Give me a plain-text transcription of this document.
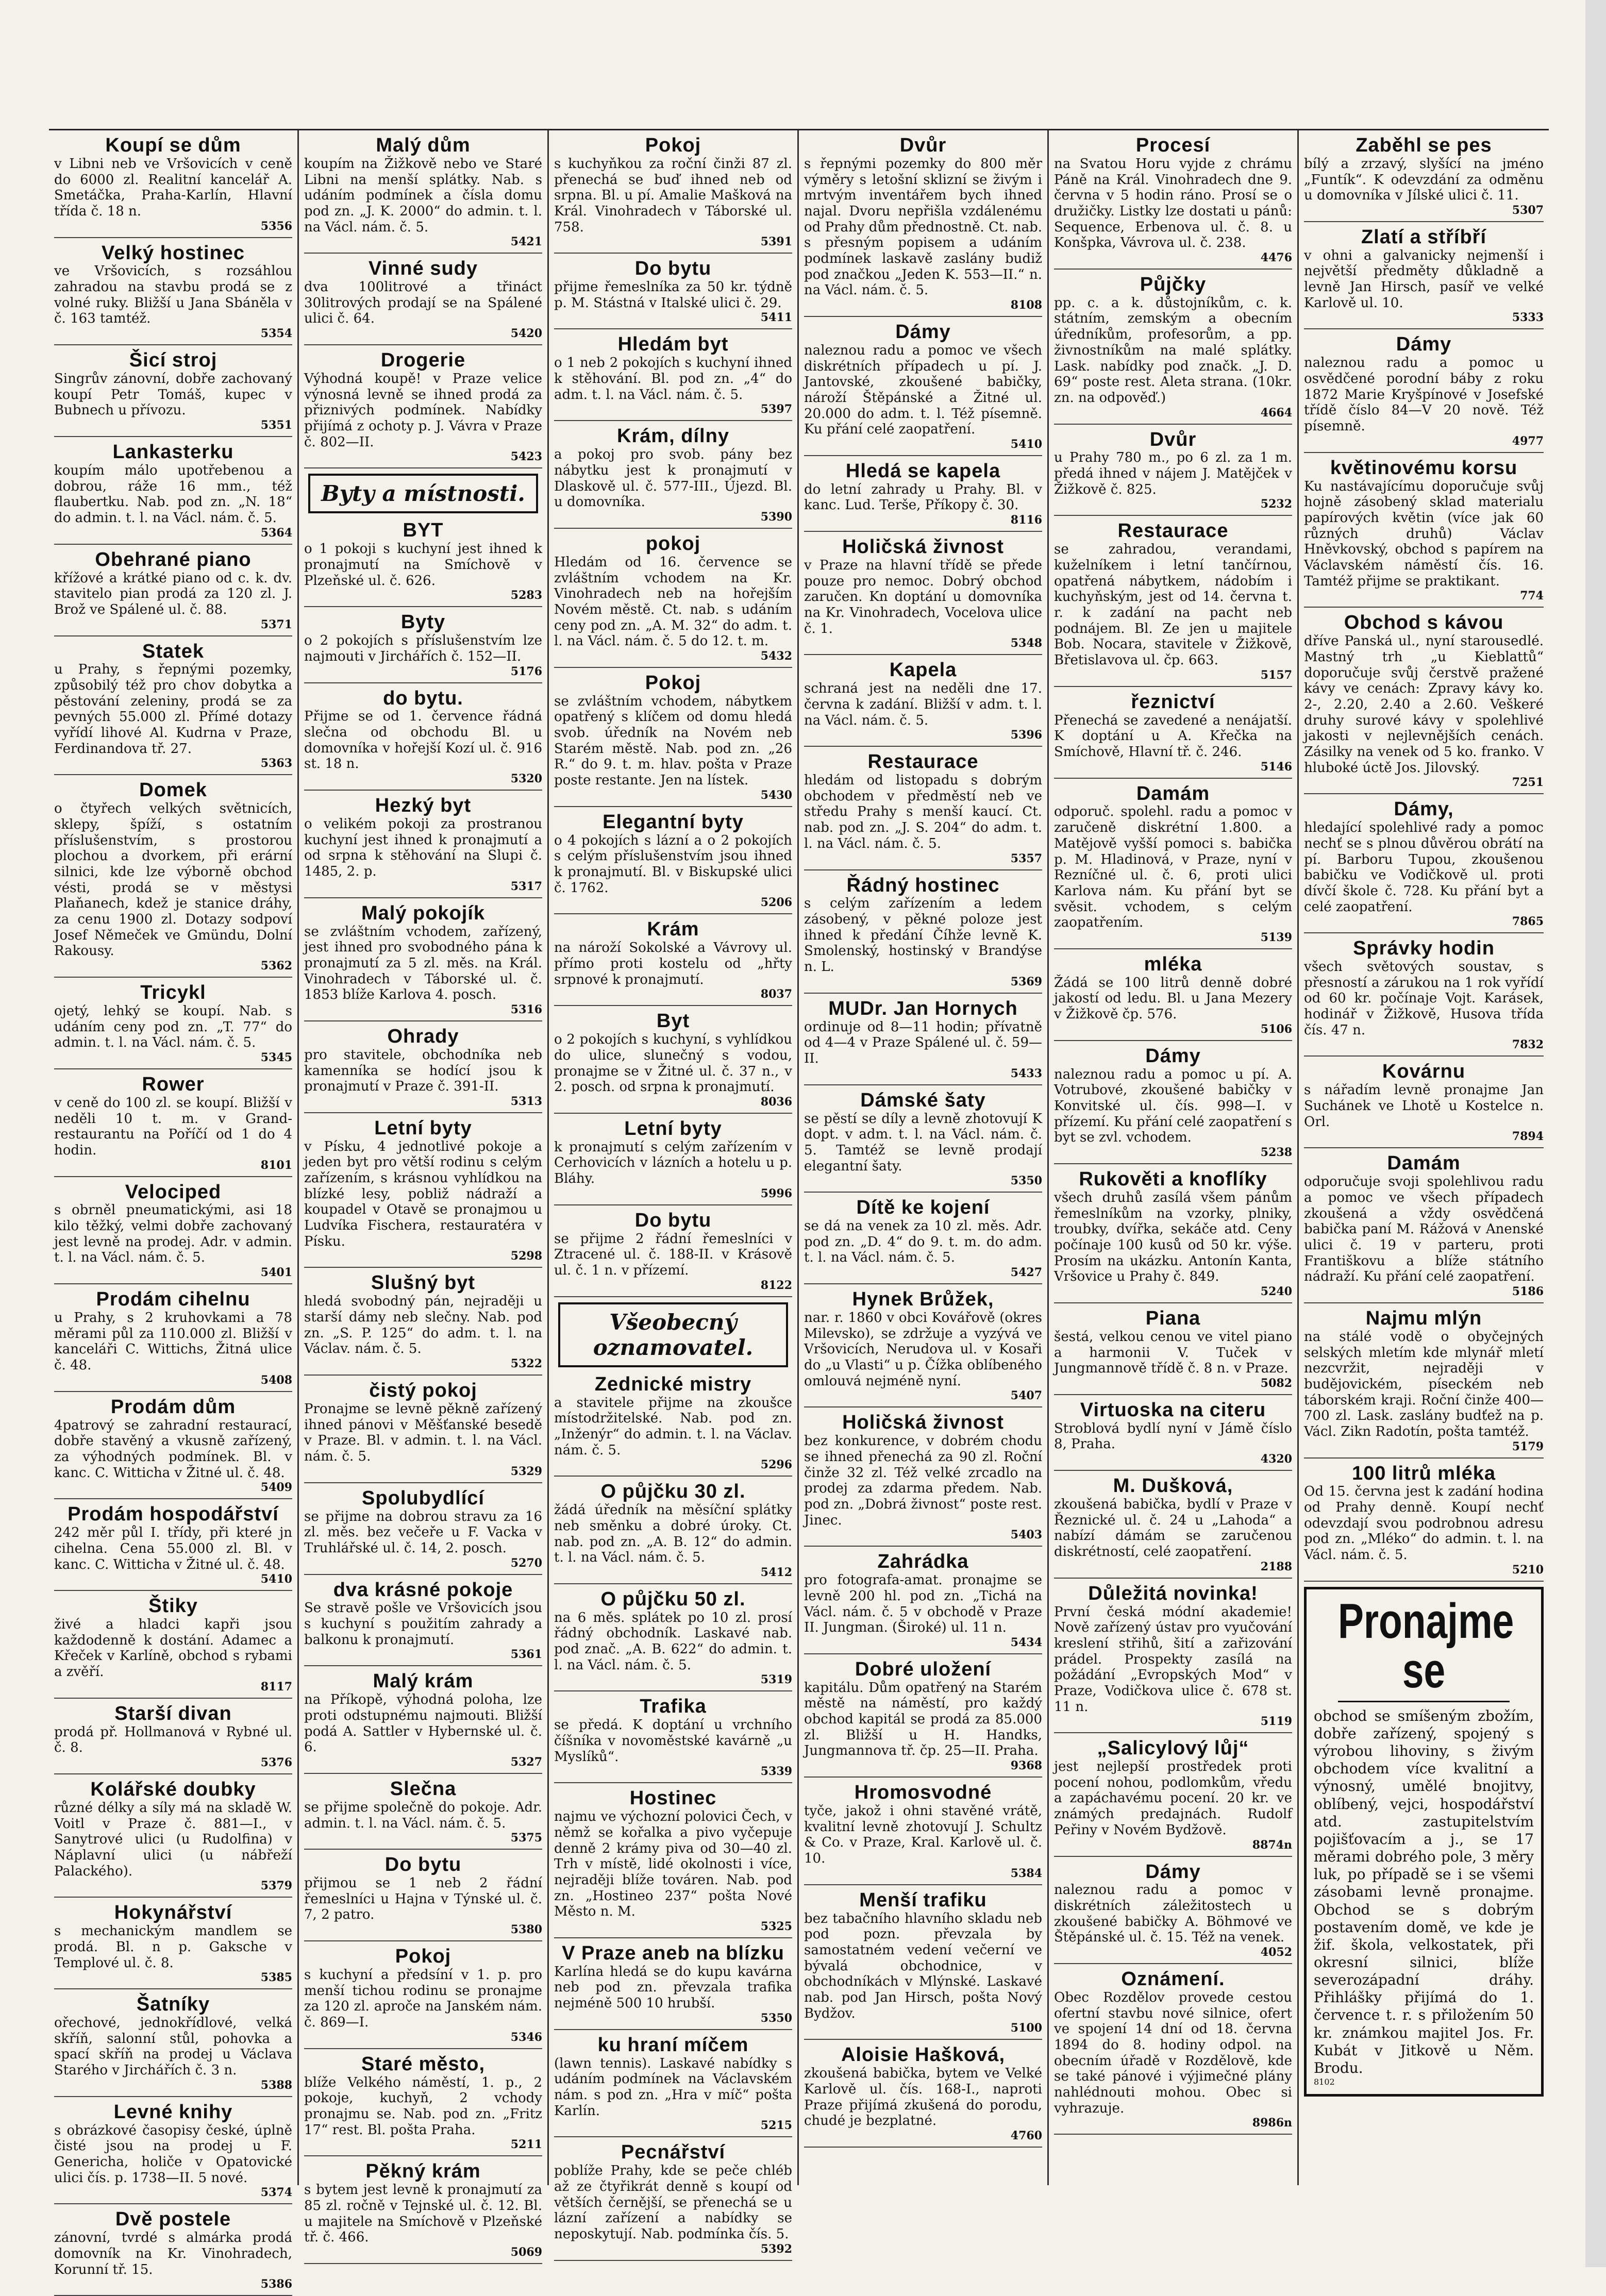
Koupí se dům

v Libni neb ve Vršovicích v ceně do 6000 zl. Realitní kancelář A. Smetáčka, Praha-Karlín, Hlavní třída č. 18 n.

5356
Velký hostinec

ve Vršovicích, s rozsáhlou zahradou na stavbu prodá se z volné ruky. Bližší u Jana Sbáněla v č. 163 tamtéž.

5354
Šicí stroj

Singrův zánovní, dobře zachovaný koupí Petr Tomáš, kupec v Bubnech u přívozu.

5351
Lankasterku

koupím málo upotřebenou a dobrou, ráže 16 mm., též flaubertku. Nab. pod zn. „N. 18“ do admin. t. l. na Václ. nám. č. 5.

5364
Obehrané piano

křížové a krátké piano od c. k. dv. stavitelo pian prodá za 120 zl. J. Brož ve Spálené ul. č. 88.

5371
Statek

u Prahy, s řepnými pozemky, způsobilý též pro chov dobytka a pěstování zeleniny, prodá se za pevných 55.000 zl. Přímé dotazy vyřídí lihové Al. Kudrna v Praze, Ferdinandova tř. 27.

5363
Domek

o čtyřech velkých světnicích, sklepy, špíží, s ostatním příslušenstvím, s prostorou plochou a dvorkem, při erární silnici, kde lze výborně obchod vésti, prodá se v městysi Plaňanech, kdež je stanice dráhy, za cenu 1900 zl. Dotazy sodpoví Josef Němeček ve Gmündu, Dolní Rakousy.

5362
Tricykl

ojetý, lehký se koupí. Nab. s udáním ceny pod zn. „T. 77“ do admin. t. l. na Václ. nám. č. 5.

5345
Rower

v ceně do 100 zl. se koupí. Bližší v neděli 10 t. m. v Grand-restaurantu na Poříčí od 1 do 4 hodin.

8101
Velociped

s obrněl pneumatickými, asi 18 kilo těžký, velmi dobře zachovaný jest levně na prodej. Adr. v admin. t. l. na Václ. nám. č. 5.

5401
Prodám cihelnu

u Prahy, s 2 kruhovkami a 78 měrami půl za 110.000 zl. Bližší v kanceláři C. Wittichs, Žitná ulice č. 48.

5408
Prodám dům

4patrový se zahradní restaurací, dobře stavěný a vkusně zařízený, za výhodných podmínek. Bl. v kanc. C. Witticha v Žitné ul. č. 48.

5409
Prodám hospodářství

242 měr půl I. třídy, při které jn cihelna. Cena 55.000 zl. Bl. v kanc. C. Witticha v Žitné ul. č. 48.

5410
Štiky

živé a hladci kapři jsou každodenně k dostání. Adamec a Křeček v Karlíně, obchod s rybami a zvěří.

8117
Starší divan

prodá př. Hollmanová v Rybné ul. č. 8.

5376
Kolářské doubky

různé délky a síly má na skladě W. Voitl v Praze č. 881—I., v Sanytrové ulici (u Rudolfina) v Náplavní ulici (u nábřeží Palackého).

5379
Hokynářství

s mechanickým mandlem se prodá. Bl. n p. Gaksche v Templové ul. č. 8.

5385
Šatníky

ořechové, jednokřídlové, velká skříň, salonní stůl, pohovka a spací skříň na prodej u Václava Starého v Jirchářích č. 3 n.

5388
Levné knihy

s obrázkové časopisy české, úplně čisté jsou na prodej u F. Genericha, holiče v Opatovické ulici čís. p. 1738—II. 5 nové.

5374
Dvě postele

zánovní, tvrdé s almárka prodá domovník na Kr. Vinohradech, Korunní tř. 15.

5386
Malý dům

koupím na Žižkově nebo ve Staré Libni na menší splátky. Nab. s udáním podmínek a čísla domu pod zn. „J. K. 2000“ do admin. t. l. na Václ. nám. č. 5.

5421
Vinné sudy

dva 100litrové a třináct 30litrových prodají se na Spálené ulici č. 64.

5420
Drogerie

Výhodná koupě! v Praze velice výnosná levně se ihned prodá za přiznivých podmínek. Nabídky přijímá z ochoty p. J. Vávra v Praze č. 802—II.

5423
Byty a místnosti.
BYT

o 1 pokoji s kuchyní jest ihned k pronajmutí na Smíchově v Plzeňské ul. č. 626.

5283
Byty

o 2 pokojích s příslušenstvím lze najmouti v Jirchářích č. 152—II.

5176
do bytu.

Přijme se od 1. července řádná slečna od obchodu Bl. u domovníka v hořejší Kozí ul. č. 916 st. 18 n.

5320
Hezký byt

o velikém pokoji za prostranou kuchyní jest ihned k pronajmutí a od srpna k stěhování na Slupi č. 1485, 2. p.

5317
Malý pokojík

se zvláštním vchodem, zařízený, jest ihned pro svobodného pána k pronajmutí za 5 zl. měs. na Král. Vinohradech v Táborské ul. č. 1853 blíže Karlova 4. posch.

5316
Ohrady

pro stavitele, obchodníka neb kamenníka se hodící jsou k pronajmutí v Praze č. 391-II.

5313
Letní byty

v Písku, 4 jednotlivé pokoje a jeden byt pro větší rodinu s celým zařízením, s krásnou vyhlídkou na blízké lesy, pobliž nádraží a koupadel v Otavě se pronajmou u Ludvíka Fischera, restauratéra v Písku.

5298
Slušný byt

hledá svobodný pán, nejraději u starší dámy neb slečny. Nab. pod zn. „S. P. 125“ do adm. t. l. na Václav. nám. č. 5.

5322
čistý pokoj

Pronajme se levně pěkně zařízený ihned pánovi v Měšťanské besedě v Praze. Bl. v admin. t. l. na Václ. nám. č. 5.

5329
Spolubydlící

se přijme na dobrou stravu za 16 zl. měs. bez večeře u F. Vacka v Truhlářské ul. č. 14, 2. posch.

5270
dva krásné pokoje

Se stravě pošle ve Vršovicích jsou s kuchyní s použitím zahrady a balkonu k pronajmutí.

5361
Malý krám

na Příkopě, výhodná poloha, lze proti odstupnému najmouti. Bližší podá A. Sattler v Hybernské ul. č. 6.

5327
Slečna

se přijme společně do pokoje. Adr. admin. t. l. na Václ. nám. č. 5.

5375
Do bytu

přijmou se 1 neb 2 řádní řemeslníci u Hajna v Týnské ul. č. 7, 2 patro.

5380
Pokoj

s kuchyní a předsíní v 1. p. pro menší tichou rodinu se pronajme za 120 zl. aproče na Janském nám. č. 869—I.

5346
Staré město,

blíže Velkého náměstí, 1. p., 2 pokoje, kuchyň, 2 vchody pronajmu se. Nab. pod zn. „Fritz 17“ rest. Bl. pošta Praha.

5211
Pěkný krám

s bytem jest levně k pronajmutí za 85 zl. ročně v Tejnské ul. č. 12. Bl. u majitele na Smíchově v Plzeňské tř. č. 466.

5069
Pokoj

s kuchyňkou za roční činži 87 zl. přenechá se buď ihned neb od srpna. Bl. u pí. Amalie Mašková na Král. Vinohradech v Táborské ul. 758.

5391
Do bytu

přijme řemeslníka za 50 kr. týdně p. M. Stástná v Italské ulici č. 29.

5411
Hledám byt

o 1 neb 2 pokojích s kuchyní ihned k stěhování. Bl. pod zn. „4“ do adm. t. l. na Václ. nám. č. 5.

5397
Krám, dílny

a pokoj pro svob. pány bez nábytku jest k pronajmutí v Dlaskově ul. č. 577-III., Újezd. Bl. u domovníka.

5390
pokoj

Hledám od 16. července se zvláštním vchodem na Kr. Vinohradech neb na hořejším Novém městě. Ct. nab. s udáním ceny pod zn. „A. M. 32“ do adm. t. l. na Václ. nám. č. 5 do 12. t. m.

5432
Pokoj

se zvláštním vchodem, nábytkem opatřený s klíčem od domu hledá svob. úředník na Novém neb Starém městě. Nab. pod zn. „26 R.“ do 9. t. m. hlav. pošta v Praze poste restante. Jen na lístek.

5430
Elegantní byty

o 4 pokojích s lázní a o 2 pokojích s celým příslušenstvím jsou ihned k pronajmutí. Bl. v Biskupské ulici č. 1762.

5206
Krám

na nároží Sokolské a Vávrovy ul. přímo proti kostelu od „hřty srpnové k pronajmutí.

8037
Byt

o 2 pokojích s kuchyní, s vyhlídkou do ulice, slunečný s vodou, pronajme se v Žitné ul. č. 37 n., v 2. posch. od srpna k pronajmutí.

8036
Letní byty

k pronajmutí s celým zařízením v Cerhovicích v lázních a hotelu u p. Bláhy.

5996
Do bytu

se přijme 2 řádní řemeslníci v Ztracené ul. č. 188-II. v Krásově ul. č. 1 n. v přízemí.

8122
Všeobecný oznamovatel.
Zednické mistry

a stavitele přijme na zkoušce místodržitelské. Nab. pod zn. „Inženýr“ do admin. t. l. na Václav. nám. č. 5.

5296
O půjčku 30 zl.

žádá úředník na měsíční splátky neb směnku a dobré úroky. Ct. nab. pod zn. „A. B. 12“ do admin. t. l. na Václ. nám. č. 5.

5412
O půjčku 50 zl.

na 6 měs. splátek po 10 zl. prosí řádný obchodník. Laskavé nab. pod znač. „A. B. 622“ do admin. t. l. na Václ. nám. č. 5.

5319
Trafika

se předá. K doptání u vrchního číšníka v novoměstské kavárně „u Myslíků“.

5339
Hostinec

najmu ve výchozní polovici Čech, v němž se kořalka a pivo vyčepuje denně 2 krámy piva od 30—40 zl. Trh v místě, lidé okolnosti i více, nejraději blíže továren. Nab. pod zn. „Hostineo 237“ pošta Nové Město n. M.

5325
V Praze aneb na blízku

Karlína hledá se do kupu kavárna neb pod zn. převzala trafika nejméně 500 10 hrubší.

5350
ku hraní míčem

(lawn tennis). Laskavé nabídky s udáním podmínek na Václavském nám. s pod zn. „Hra v míč“ pošta Karlín.

5215
Pecnářství

poblíže Prahy, kde se peče chléb až ze čtyřikrát denně s koupí od větších černější, se přenechá se u lázní zařízení a nabídky se neposkytují. Nab. podmínka čís. 5.

5392
Dvůr

s řepnými pozemky do 800 měr výměry s letošní sklizní se živým i mrtvým inventářem bych ihned najal. Dvoru nepřišla vzdálenému od Prahy dům přednostně. Ct. nab. s přesným popisem a udáním podmínek laskavě zaslány budiž pod značkou „Jeden K. 553—II.“ n. na Václ. nám. č. 5.

8108
Dámy

naleznou radu a pomoc ve všech diskrétních případech u pí. J. Jantovské, zkoušené babičky, nároží Štěpánské a Žitné ul. 20.000 do adm. t. l. Též písemně. Ku přání celé zaopatření.

5410
Hledá se kapela

do letní zahrady u Prahy. Bl. v kanc. Lud. Terše, Příkopy č. 30.

8116
Holičská živnost

v Praze na hlavní třídě se přede pouze pro nemoc. Dobrý obchod zaručen. Kn doptání u domovníka na Kr. Vinohradech, Vocelova ulice č. 1.

5348
Kapela

schraná jest na neděli dne 17. června k zadání. Bližší v adm. t. l. na Václ. nám. č. 5.

5396
Restaurace

hledám od listopadu s dobrým obchodem v předměstí neb ve středu Prahy s menší kaucí. Ct. nab. pod zn. „J. S. 204“ do adm. t. l. na Václ. nám. č. 5.

5357
Řádný hostinec

s celým zařízením a ledem zásobený, v pěkné poloze jest ihned k předání Číhže levně K. Smolenský, hostinský v Brandýse n. L.

5369
MUDr. Jan Hornych

ordinuje od 8—11 hodin; přívatně od 4—4 v Praze Spálené ul. č. 59—II.

5433
Dámské šaty

se pěstí se díly a levně zhotovují K dopt. v adm. t. l. na Václ. nám. č. 5. Tamtéž se levně prodají elegantní šaty.

5350
Dítě ke kojení

se dá na venek za 10 zl. měs. Adr. pod zn. „D. 4“ do 9. t. m. do adm. t. l. na Václ. nám. č. 5.

5427
Hynek Brůžek,

nar. r. 1860 v obci Kovářově (okres Milevsko), se zdržuje a vyzývá ve Vršovicích, Nerudova ul. v Kosaři do „u Vlasti“ u p. Čížka oblíbeného omlouvá nejméně nyní.

5407
Holičská živnost

bez konkurence, v dobrém chodu se ihned přenechá za 90 zl. Roční činže 32 zl. Též velké zrcadlo na prodej za zdarma předem. Nab. pod zn. „Dobrá živnost“ poste rest. Jinec.

5403
Zahrádka

pro fotografa-amat. pronajme se levně 200 hl. pod zn. „Tichá na Václ. nám. č. 5 v obchodě v Praze II. Jungman. (Široké) ul. 11 n.

5434
Dobré uložení

kapitálu. Dům opatřený na Starém městě na náměstí, pro každý obchod kapitál se prodá za 85.000 zl. Bližší u H. Handks, Jungmannova tř. čp. 25—II. Praha.

9368
Hromosvodné

tyče, jakož i ohni stavěné vrátě, kvalitní levně zhotovují J. Schultz & Co. v Praze, Kral. Karlově ul. č. 10.

5384
Menší trafiku

bez tabačního hlavního skladu neb pod pozn. převzala by samostatném vedení večerní ve bývalá obchodnice, v obchodníkách v Mlýnské. Laskavé nab. pod Jan Hirsch, pošta Nový Bydžov.

5100
Aloisie Hašková,

zkoušená babička, bytem ve Velké Karlově ul. čís. 168-I., naproti Praze přijímá zkušená do porodu, chudé je bezplatné.

4760
Procesí

na Svatou Horu vyjde z chrámu Páně na Král. Vinohradech dne 9. června v 5 hodin ráno. Prosí se o družičky. Listky lze dostati u pánů: Sequence, Erbenova ul. č. 8. u Konšpka, Vávrova ul. č. 238.

4476
Půjčky

pp. c. a k. důstojníkům, c. k. státním, zemským a obecním úředníkům, profesorům, a pp. živnostníkům na malé splátky. Lask. nabídky pod značk. „J. D. 69“ poste rest. Aleta strana. (10kr. zn. na odpověď.)

4664
Dvůr

u Prahy 780 m., po 6 zl. za 1 m. předá ihned v nájem J. Matějček v Žižkově č. 825.

5232
Restaurace

se zahradou, verandami, kuželníkem i letní tančírnou, opatřená nábytkem, nádobím i kuchyňským, jest od 14. června t. r. k zadání na pacht neb podnájem. Bl. Ze jen u majitele Bob. Nocara, stavitele v Žižkově, Břetislavova ul. čp. 663.

5157
řeznictví

Přenechá se zavedené a nenájatší. K doptání u A. Křečka na Smíchově, Hlavní tř. č. 246.

5146
Damám

odporuč. spolehl. radu a pomoc v zaručeně diskrétní 1.800. a Matějově vyšší pomoci s. babička p. M. Hladinová, v Praze, nyní v Rezníčné ul. č. 6, proti ulici Karlova nám. Ku přání byt se svěsit. vchodem, s celým zaopatřením.

5139
mléka

Žádá se 100 litrů denně dobré jakostí od ledu. Bl. u Jana Mezery v Žižkově čp. 576.

5106
Dámy

naleznou radu a pomoc u pí. A. Votrubové, zkoušené babičky v Konvitské ul. čís. 998—I. v přízemí. Ku přání celé zaopatření s byt se zvl. vchodem.

5238
Rukověti a knoflíky

všech druhů zasílá všem pánům řemeslníkům na vzorky, plniky, troubky, dvířka, sekáče atd. Ceny počínaje 100 kusů od 50 kr. výše. Prosím na ukázku. Antonín Kanta, Vršovice u Prahy č. 849.

5240
Piana

šestá, velkou cenou ve vitel piano a harmonii V. Tuček v Jungmannově třídě č. 8 n. v Praze.

5082
Virtuoska na citeru

Stroblová bydlí nyní v Jámě číslo 8, Praha.

4320
M. Dušková,

zkoušená babička, bydlí v Praze v Řeznické ul. č. 24 u „Lahoda“ a nabízí dámám se zaručenou diskrétností, celé zaopatření.

2188
Důležitá novinka!

První česká módní akademie! Nově zařízený ústav pro vyučování kreslení střihů, šití a zařizování prádel. Prospekty zasílá na požádání „Evropských Mod“ v Praze, Vodičkova ulice č. 678 st. 11 n.

5119
„Salicylový lůj“

jest nejlepší prostředek proti pocení nohou, podlomkům, vředu a zapáchavému pocení. 20 kr. ve známých predajnách. Rudolf Peřiny v Novém Bydžově.

8874n
Dámy

naleznou radu a pomoc v diskrétních záležitostech u zkoušené babičky A. Böhmové ve Štěpánské ul. č. 15. Též na venek.

4052
Oznámení.

Obec Rozdělov provede cestou ofertní stavbu nové silnice, ofert ve spojení 14 dní od 18. června 1894 do 8. hodiny odpol. na obecním úřadě v Rozdělově, kde se také pánové i výjimečné plány nahlédnouti mohou. Obec si vyhrazuje.

8986n
Zaběhl se pes

bílý a zrzavý, slyšící na jméno „Funtík“. K odevzdání za odměnu u domovníka v Jílské ulici č. 11.

5307
Zlatí a stříbří

v ohni a galvanicky nejmenší i největší předměty důkladně a levně Jan Hirsch, pasíř ve velké Karlově ul. 10.

5333
Dámy

naleznou radu a pomoc u osvědčené porodní báby z roku 1872 Marie Kryšpínové v Josefské třídě číslo 84—V 20 nově. Též písemně.

4977
květinovému korsu

Ku nastávajícímu doporučuje svůj hojně zásobený sklad materialu papírových květin (více jak 60 různých druhů) Václav Hněvkovský, obchod s papírem na Václavském náměstí čís. 16. Tamtéž přijme se praktikant.

774
Obchod s kávou

dříve Panská ul., nyní starousedlé. Mastný trh „u Kieblattů“ doporučuje svůj čerstvě pražené kávy ve cenách: Zpravy kávy ko. 2-, 2.20, 2.40 a 2.60. Veškeré druhy surové kávy v spolehlivé jakosti v nejlevnějších cenách. Zásilky na venek od 5 ko. franko. V hluboké úctě Jos. Jilovský.

7251
Dámy,

hledající spolehlivé rady a pomoc nechť se s plnou důvěrou obrátí na pí. Barboru Tupou, zkoušenou babičku ve Vodičkově ul. proti dívčí škole č. 728. Ku přání byt a celé zaopatření.

7865
Správky hodin

všech světových soustav, s přesností a zárukou na 1 rok vyřídí od 60 kr. počínaje Vojt. Karásek, hodinář v Žižkově, Husova třída čís. 47 n.

7832
Kovárnu

s nářadím levně pronajme Jan Suchánek ve Lhotě u Kostelce n. Orl.

7894
Damám

odporučuje svoji spolehlivou radu a pomoc ve všech případech zkoušená a vždy osvědčená babička paní M. Rážová v Anenské ulici č. 19 v parteru, proti Františkovu a blíže státního nádraží. Ku přání celé zaopatření.

5186
Najmu mlýn

na stálé vodě o obyčejných selských mletím kde mlynář mletí nezcvržit, nejraději v budějovickém, píseckém neb táborském kraji. Roční činže 400—700 zl. Lask. zaslány budťež na p. Václ. Zikn Radotín, pošta tamtéž.

5179
100 litrů mléka

Od 15. června jest k zadání hodina od Prahy denně. Koupí nechť odevzdají svou podrobnou adresu pod zn. „Mléko“ do admin. t. l. na Václ. nám. č. 5.

5210
Pronajme se

obchod se smíšeným zbožím, dobře zařízený, spojený s výrobou lihoviny, s živým obchodem více kvalitní a výnosný, umělé bnojitvy, oblíbený, vejci, hospodářství atd. zastupitelstvím pojišťovacím a j., se 17 měrami dobrého pole, 3 měry luk, po případě se i se všemi zásobami levně pronajme. Obchod se s dobrým postavením domě, ve kde je žif. škola, velkostatek, při okresní silnici, blíže severozápadní dráhy. Přihlášky přijímá do 1. července t. r. s přiložením 50 kr. známkou majitel Jos. Fr. Kubát v Jitkově u Něm. Brodu.

8102
